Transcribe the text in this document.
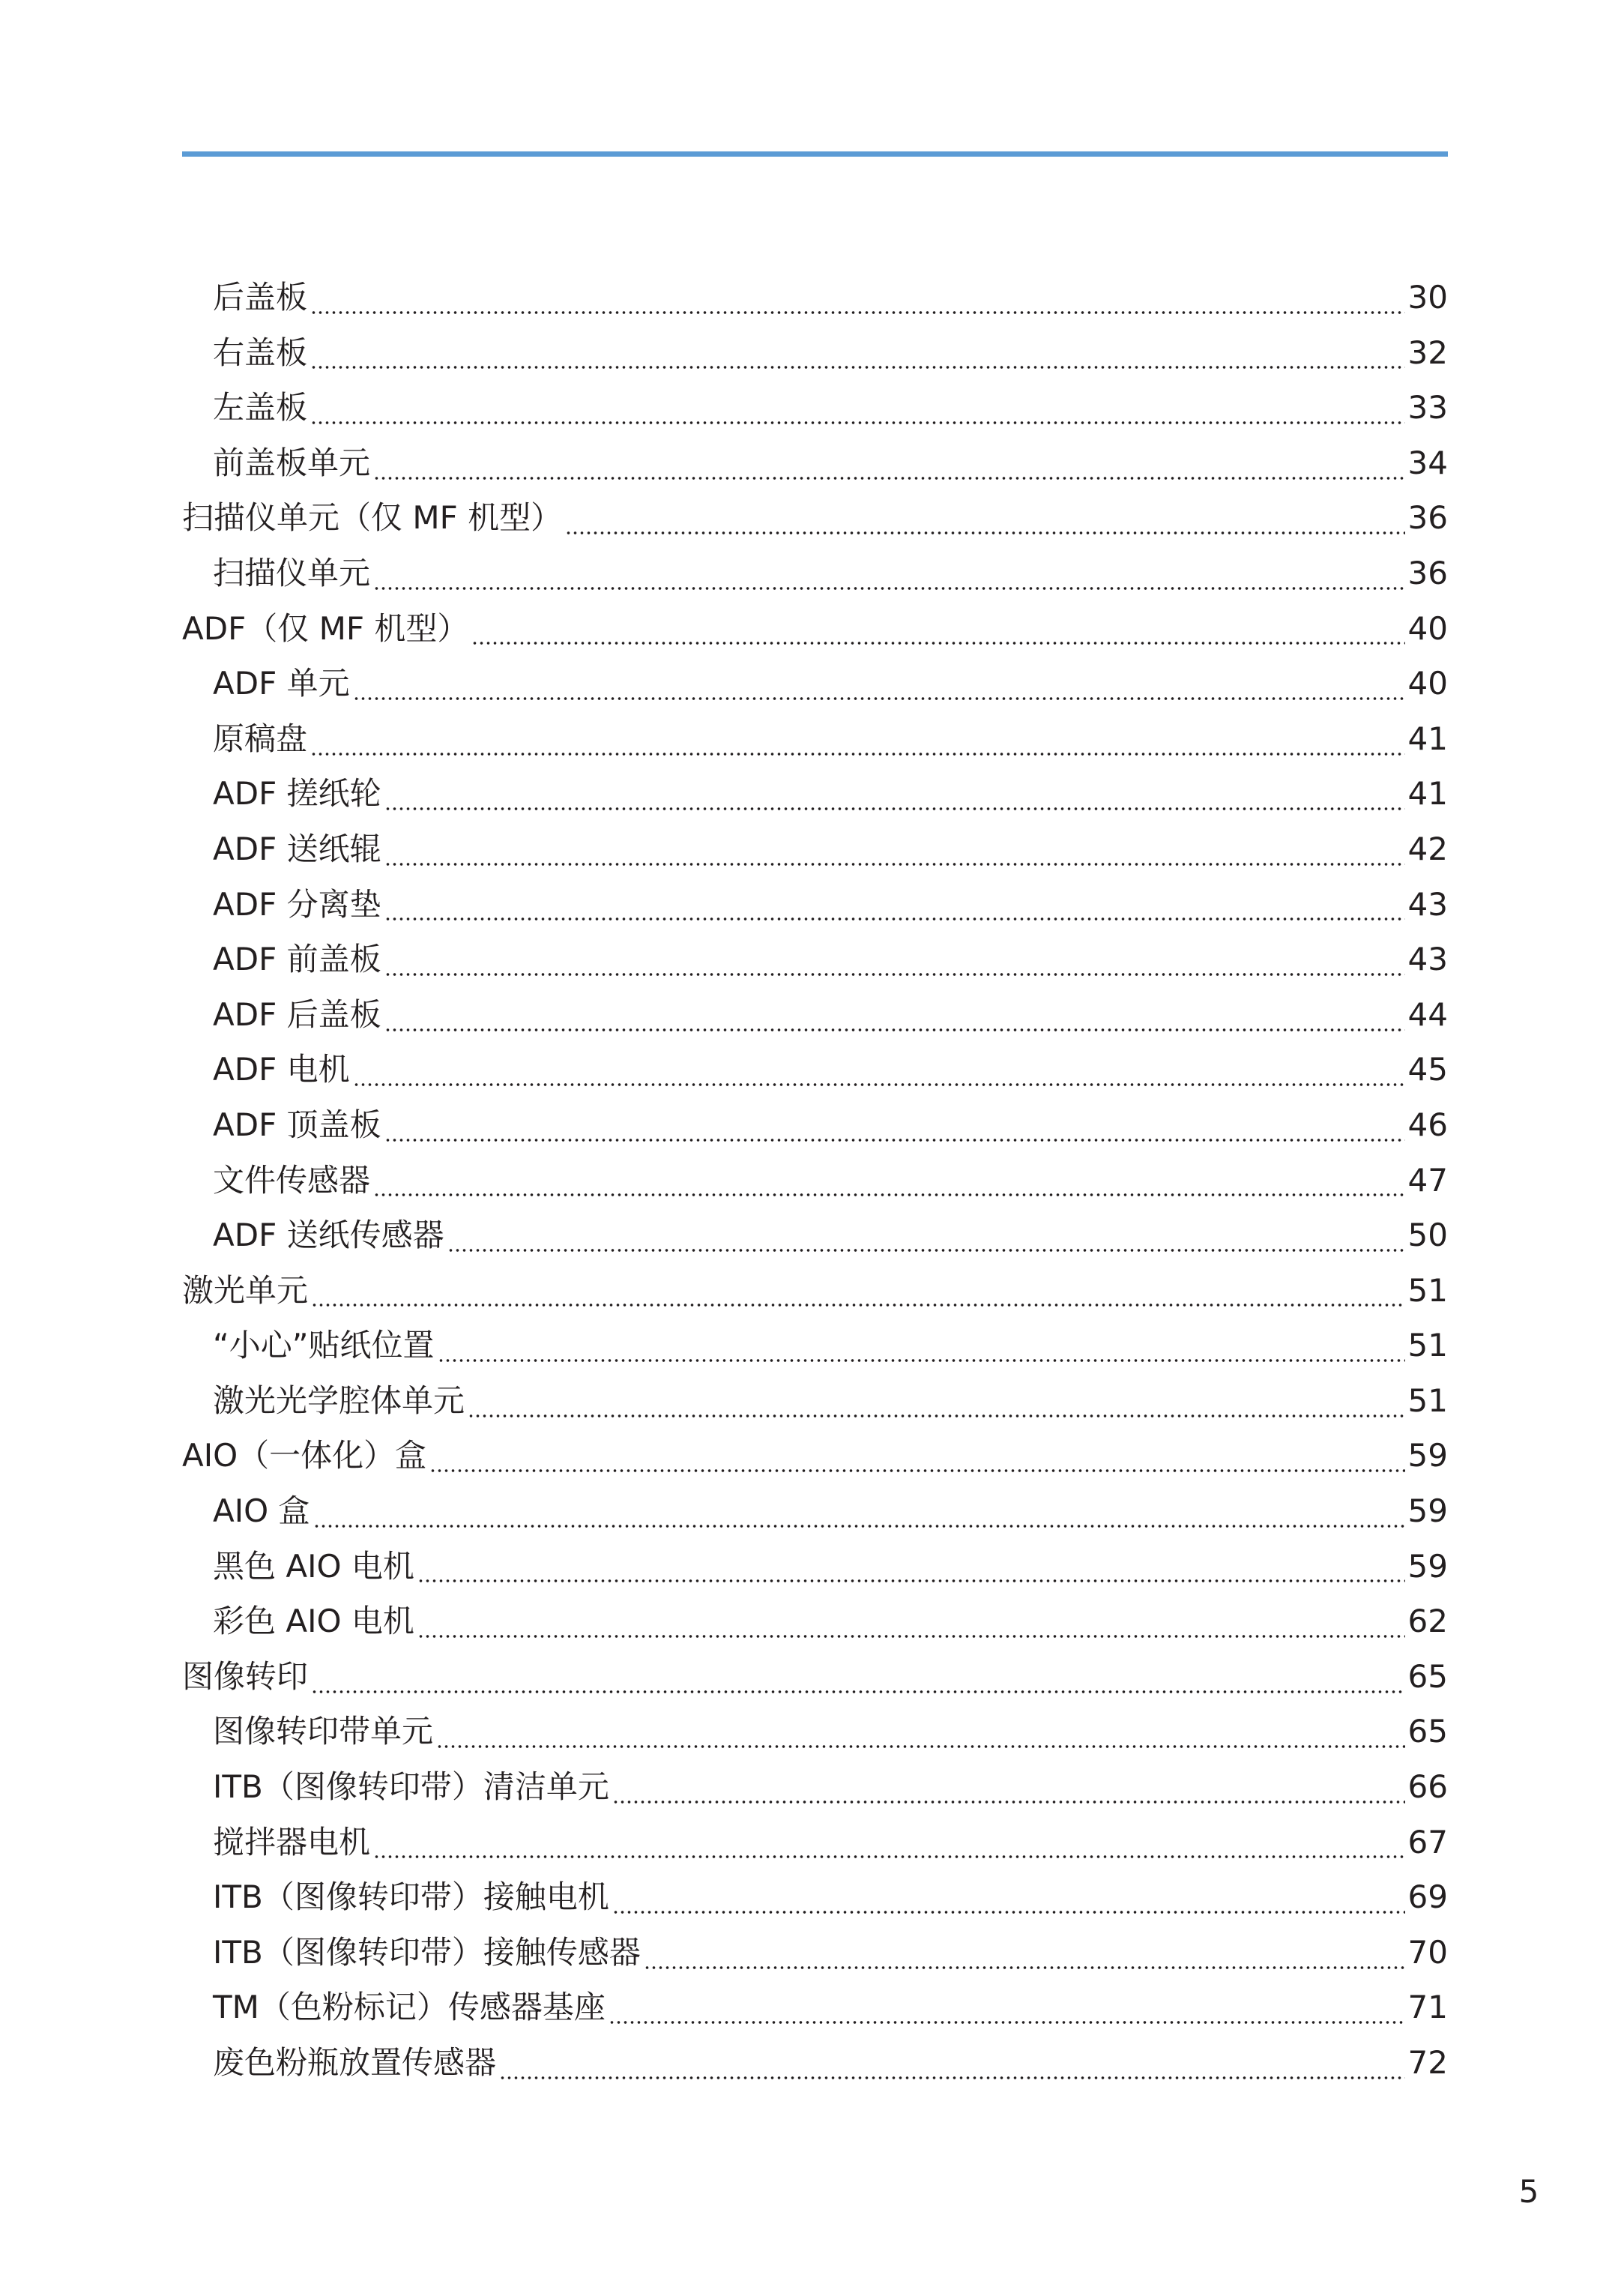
后盖板	30
右盖板	32
左盖板	33
前盖板单元	34
扫描仪单元（仅 MF 机型）	36
扫描仪单元	36
ADF（仅 MF 机型）	40
ADF 单元	40
原稿盘	41
ADF 搓纸轮	41
ADF 送纸辊	42
ADF 分离垫	43
ADF 前盖板	43
ADF 后盖板	44
ADF 电机	45
ADF 顶盖板	46
文件传感器	47
ADF 送纸传感器	50
激光单元	51
“小心”贴纸位置	51
激光光学腔体单元	51
AIO（一体化）盒	59
AIO 盒	59
黑色 AIO 电机	59
彩色 AIO 电机	62
图像转印	65
图像转印带单元	65
ITB（图像转印带）清洁单元	66
搅拌器电机	67
ITB（图像转印带）接触电机	69
ITB（图像转印带）接触传感器	70
TM（色粉标记）传感器基座	71
废色粉瓶放置传感器	72
5
